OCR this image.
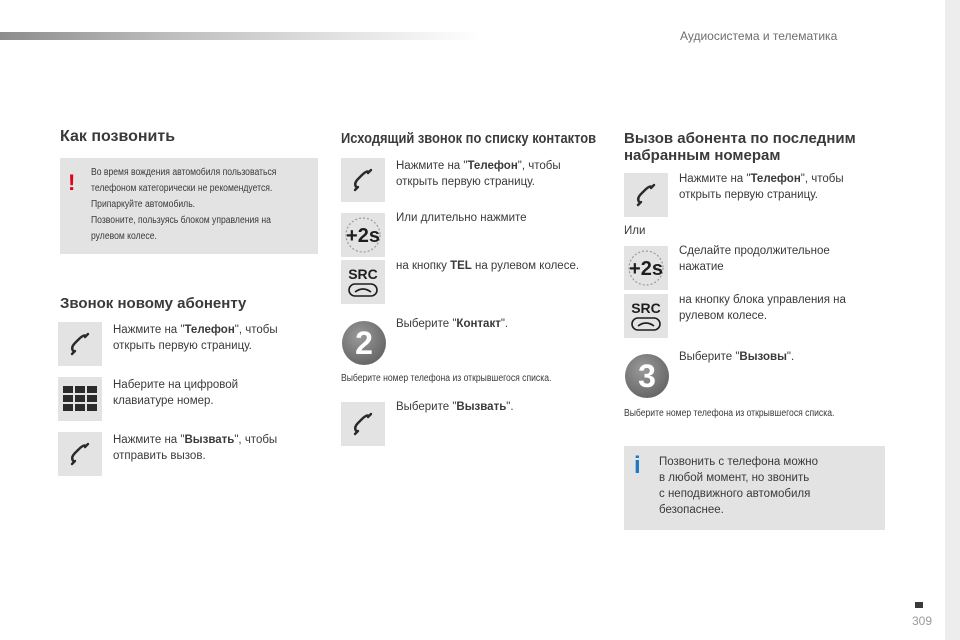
Аудиосистема и телематика
Как позвонить
! Во время вождения автомобиля пользоваться
телефоном категорически не рекомендуется.
Припаркуйте автомобиль.
Позвоните, пользуясь блоком управления на
рулевом колесе.
Звонок новому абоненту
Нажмите на "Телефон", чтобы
открыть первую страницу.
Наберите на цифровой
клавиатуре номер.
Нажмите на "Вызвать", чтобы
отправить вызов.
Исходящий звонок по списку контактов
Нажмите на "Телефон", чтобы
открыть первую страницу.
+2s
Или длительно нажмите
SRC на кнопку TEL на рулевом колесе.
2
Выберите "Контакт".
Выберите номер телефона из открывшегося списка.
Выберите "Вызвать".
Вызов абонента по последним
набранным номерам
Нажмите на "Телефон", чтобы
открыть первую страницу.
Или
+2s
Сделайте продолжительное
нажатие
SRC на кнопку блока управления на
рулевом колесе.
3
Выберите "Вызовы".
Выберите номер телефона из открывшегося списка.
i Позвонить с телефона можно
в любой момент, но звонить
с неподвижного автомобиля
безопаснее.
309
